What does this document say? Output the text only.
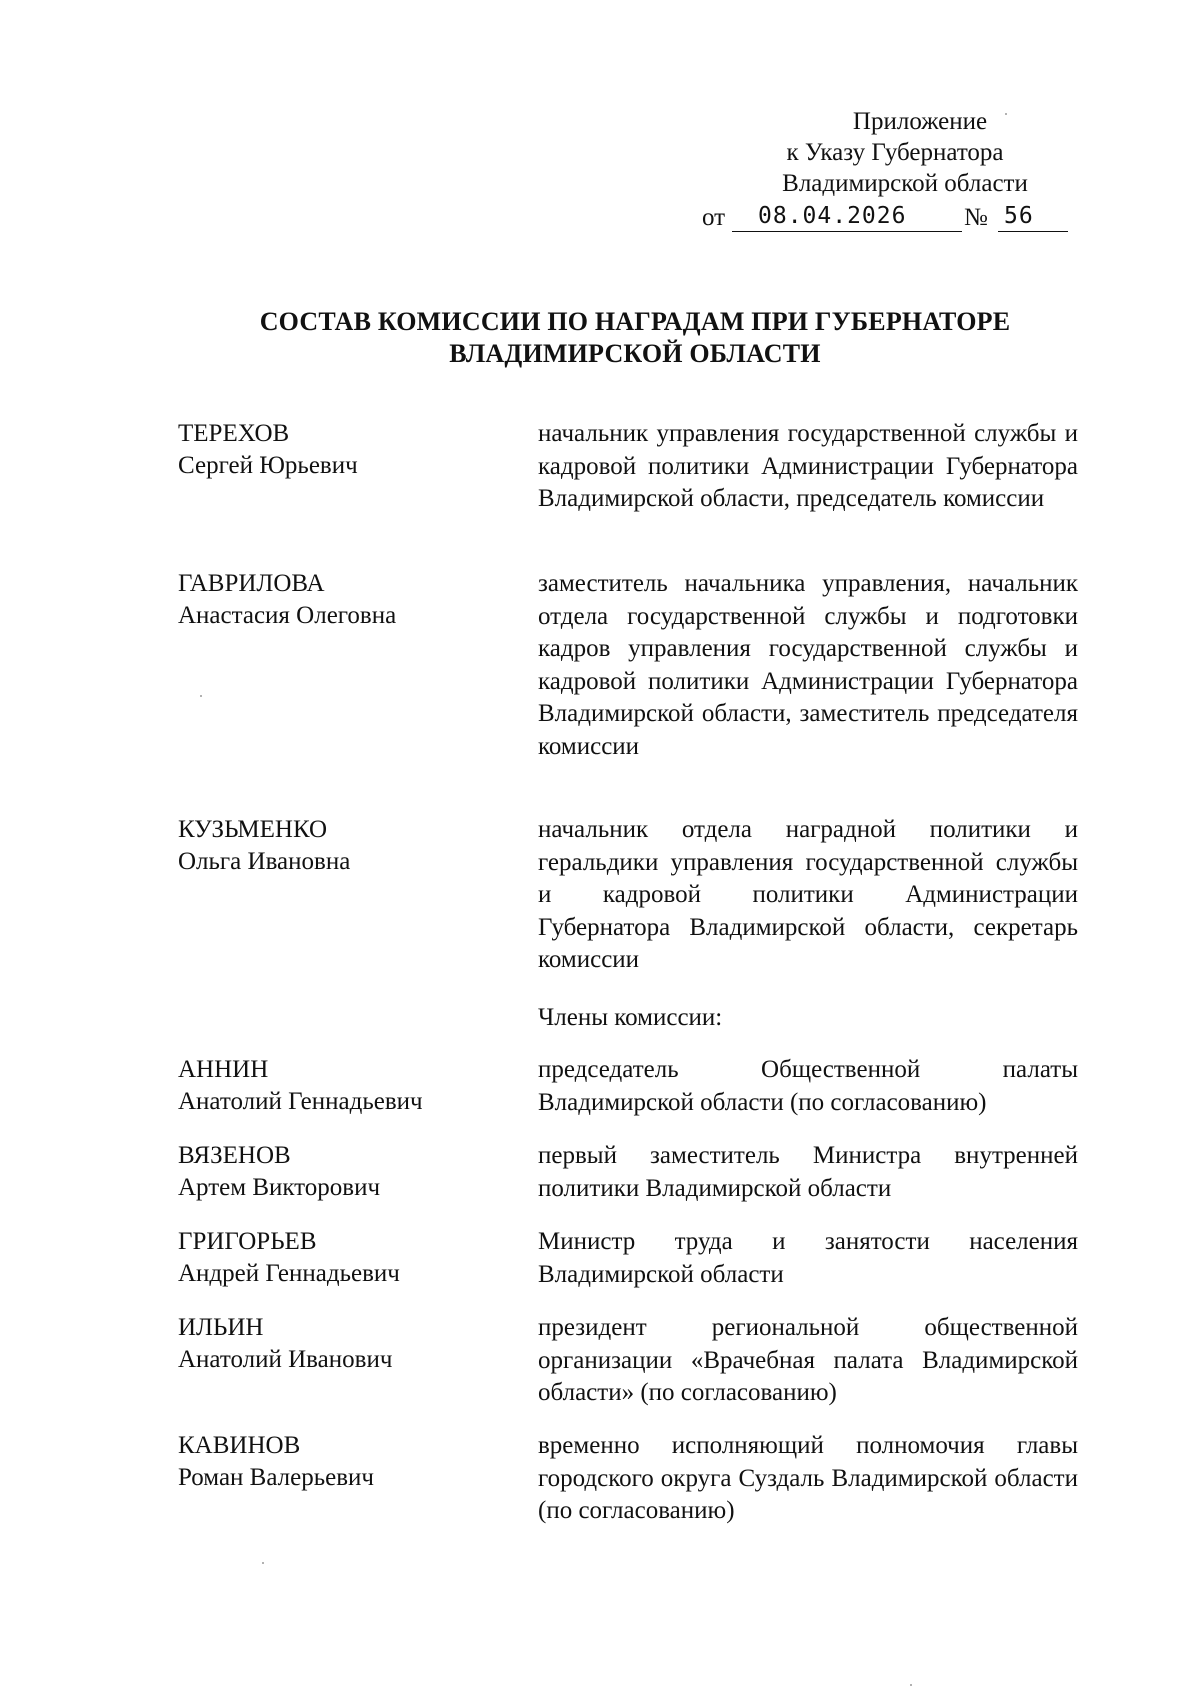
Приложение
к Указу Губернатора
Владимирской области
от	08.04.2026	№ 56
СОСТАВ КОМИССИИ ПО НАГРАДАМ ПРИ ГУБЕРНАТОРЕ
ВЛАДИМИРСКОЙ ОБЛАСТИ
ТЕРЕХОВ
Сергей Юрьевич
начальник управления государственной службы и кадровой политики Администрации Губернатора Владимирской области, председатель комиссии
ГАВРИЛОВА
Анастасия Олеговна
заместитель начальника управления, начальник отдела государственной службы и подготовки кадров управления государственной службы и кадровой политики Администрации Губернатора Владимирской области, заместитель председателя комиссии
КУЗЬМЕНКО
Ольга Ивановна
начальник отдела наградной политики и геральдики управления государственной службы и кадровой политики Администрации Губернатора Владимирской области, секретарь комиссии
Члены комиссии:
АННИН
Анатолий Геннадьевич
председатель Общественной палаты Владимирской области (по согласованию)
ВЯЗЕНОВ
Артем Викторович
первый заместитель Министра внутренней политики Владимирской области
ГРИГОРЬЕВ
Андрей Геннадьевич
Министр труда и занятости населения Владимирской области
ИЛЬИН
Анатолий Иванович
президент региональной общественной организации «Врачебная палата Владимирской области» (по согласованию)
КАВИНОВ
Роман Валерьевич
временно исполняющий полномочия главы городского округа Суздаль Владимирской области (по согласованию)
